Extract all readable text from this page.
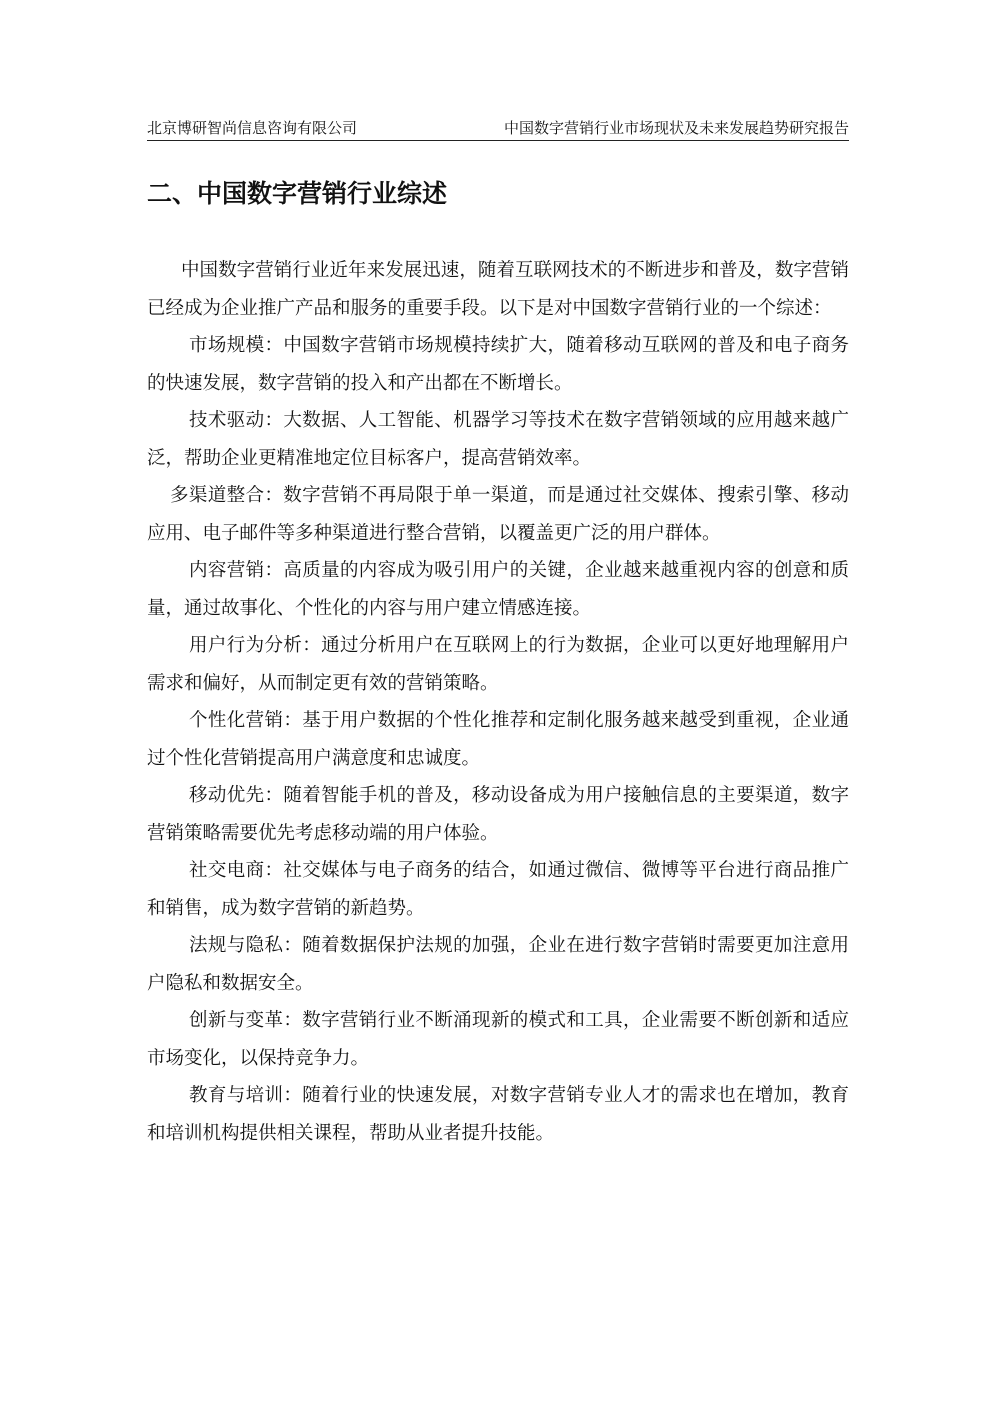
北京博研智尚信息咨询有限公司	中国数字营销行业市场现状及未来发展趋势研究报告
二、中国数字营销行业综述

中国数字营销行业近年来发展迅速，随着互联网技术的不断进步和普及，数字营销已经成为企业推广产品和服务的重要手段。以下是对中国数字营销行业的一个综述：

市场规模：中国数字营销市场规模持续扩大，随着移动互联网的普及和电子商务的快速发展，数字营销的投入和产出都在不断增长。

技术驱动：大数据、人工智能、机器学习等技术在数字营销领域的应用越来越广泛，帮助企业更精准地定位目标客户，提高营销效率。

多渠道整合：数字营销不再局限于单一渠道，而是通过社交媒体、搜索引擎、移动应用、电子邮件等多种渠道进行整合营销，以覆盖更广泛的用户群体。

内容营销：高质量的内容成为吸引用户的关键，企业越来越重视内容的创意和质量，通过故事化、个性化的内容与用户建立情感连接。

用户行为分析：通过分析用户在互联网上的行为数据，企业可以更好地理解用户需求和偏好，从而制定更有效的营销策略。

个性化营销：基于用户数据的个性化推荐和定制化服务越来越受到重视，企业通过个性化营销提高用户满意度和忠诚度。

移动优先：随着智能手机的普及，移动设备成为用户接触信息的主要渠道，数字营销策略需要优先考虑移动端的用户体验。

社交电商：社交媒体与电子商务的结合，如通过微信、微博等平台进行商品推广和销售，成为数字营销的新趋势。

法规与隐私：随着数据保护法规的加强，企业在进行数字营销时需要更加注意用户隐私和数据安全。

创新与变革：数字营销行业不断涌现新的模式和工具，企业需要不断创新和适应市场变化，以保持竞争力。

教育与培训：随着行业的快速发展，对数字营销专业人才的需求也在增加，教育和培训机构提供相关课程，帮助从业者提升技能。
